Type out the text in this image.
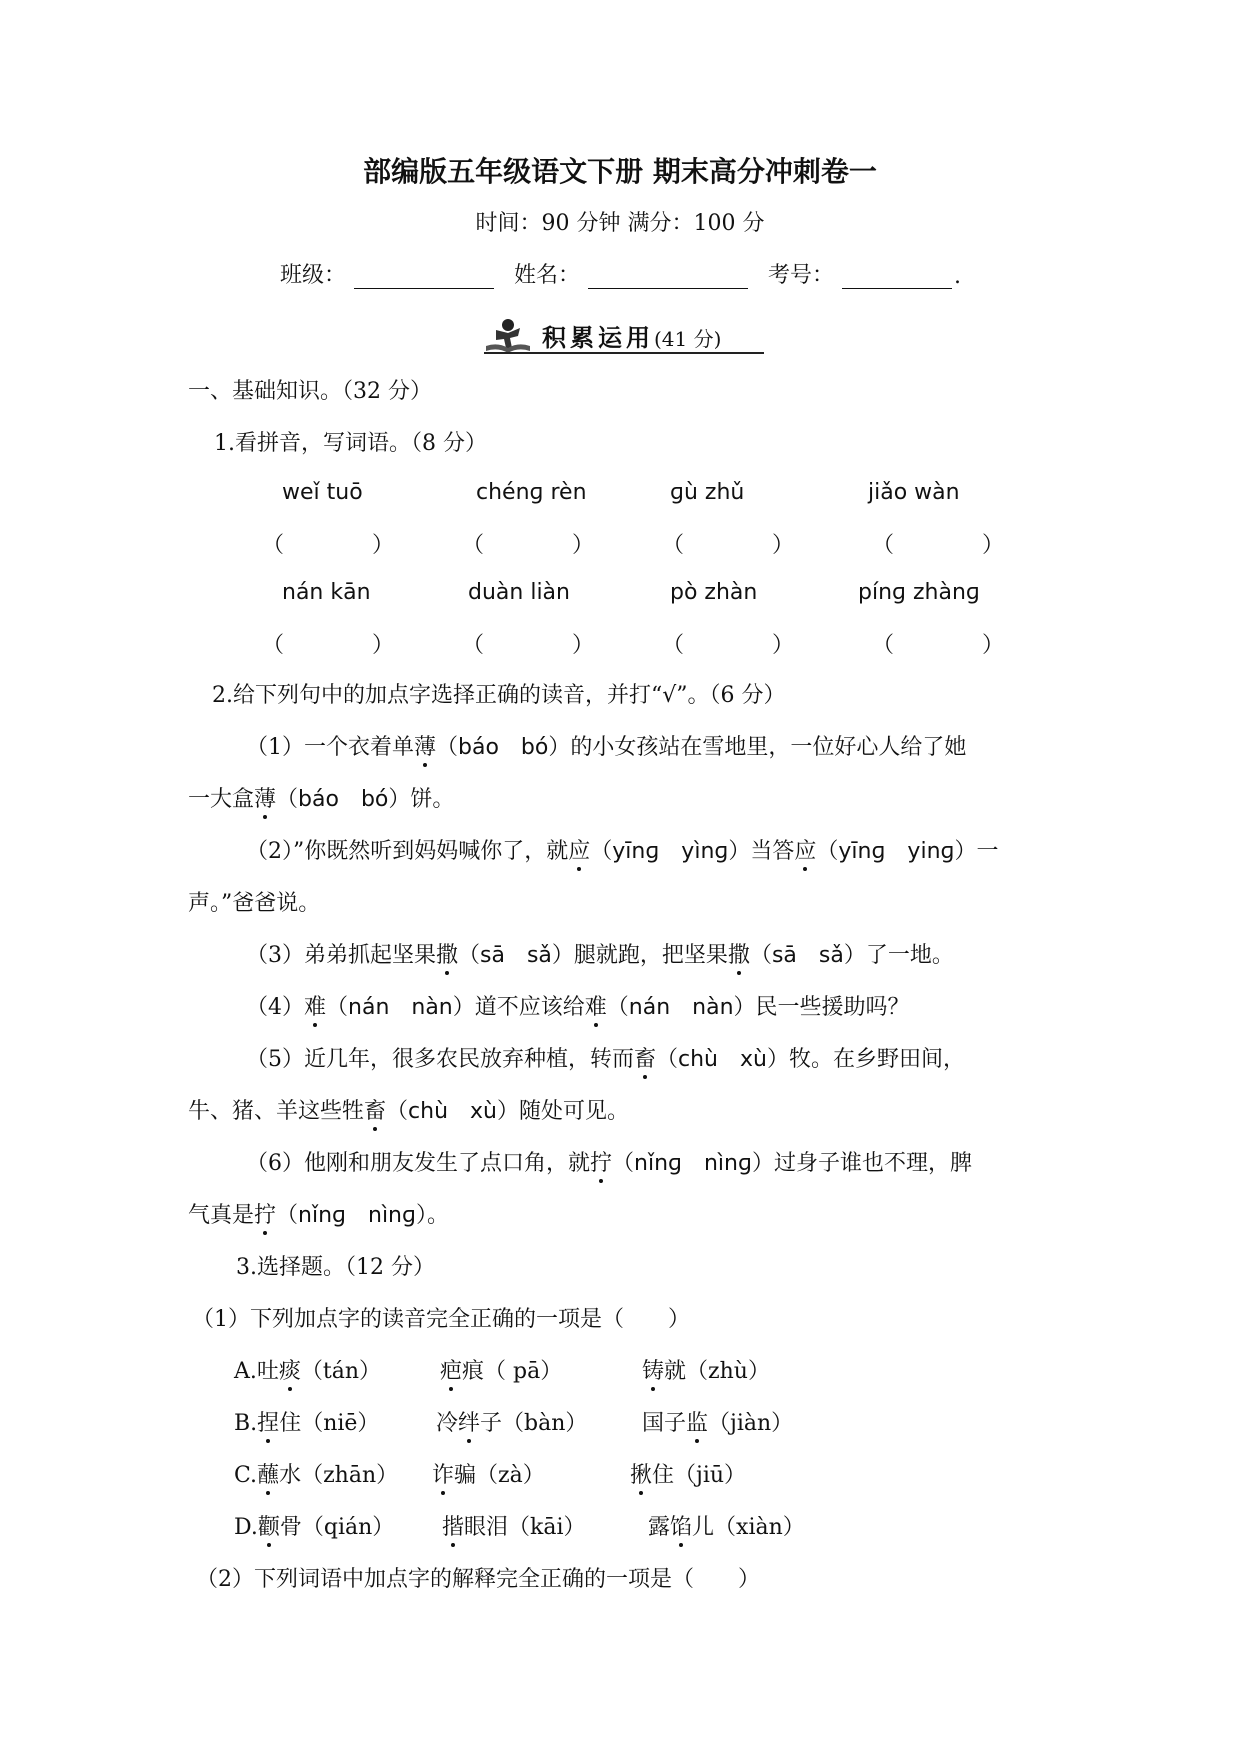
部编版五年级语文下册 期末高分冲刺卷一
时间：90 分钟 满分：100 分
班级：	姓名：	考号：	.
积累运用(41 分)
一、基础知识。（32 分）
1.看拼音，写词语。（8 分）
weǐ tuō	chénɡ rèn	ɡù zhǔ	jiǎo wàn
（　　　　）	（　　　　）	（　　　　）	（　　　　）
nán kān	duàn liàn	pò zhàn	pínɡ zhànɡ
（　　　　）	（　　　　）	（　　　　）	（　　　　）
2.给下列句中的加点字选择正确的读音，并打“√”。（6 分）
（1）一个衣着单薄（báo　bó）的小女孩站在雪地里，一位好心人给了她
一大盒薄（báo　bó）饼。
（2）”你既然听到妈妈喊你了，就应（yīnɡ　yìnɡ）当答应（yīnɡ　yinɡ）一
声。”爸爸说。
（3）弟弟抓起坚果撒（sā　sǎ）腿就跑，把坚果撒（sā　sǎ）了一地。
（4）难（nán　nàn）道不应该给难（nán　nàn）民一些援助吗？
（5）近几年，很多农民放弃种植，转而畜（chù　xù）牧。在乡野田间，
牛、猪、羊这些牲畜（chù　xù）随处可见。
（6）他刚和朋友发生了点口角，就拧（nǐnɡ　nìnɡ）过身子谁也不理，脾
气真是拧（nǐnɡ　nìnɡ）。
3.选择题。（12 分）
（1）下列加点字的读音完全正确的一项是（　　）
A.吐痰（tán）	疤痕（ pā）	铸就（zhù）
B.捏住（niē）	冷绊子（bàn） 国子监（jiàn）
C.蘸水（zhān） 诈骗（zà）	揪住（jiū）
D.颧骨（qián） 揩眼泪（kāi）	露馅儿（xiàn）
（2）下列词语中加点字的解释完全正确的一项是（　　）
